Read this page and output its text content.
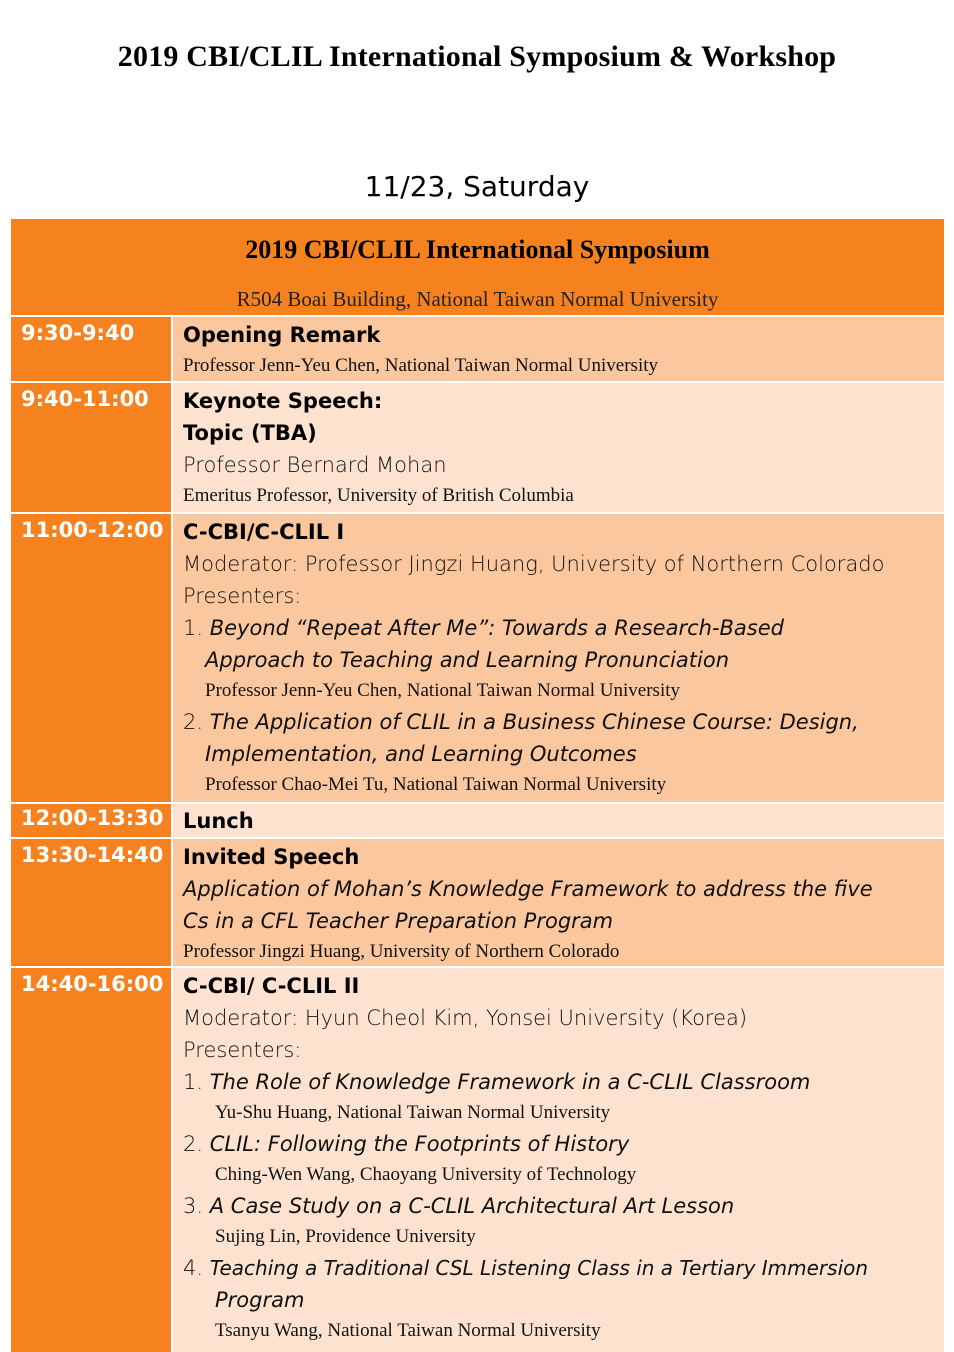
2019 CBI/CLIL International Symposium & Workshop
11/23, Saturday
2019 CBI/CLIL International Symposium
R504 Boai Building, National Taiwan Normal University
9:30-9:40	Opening Remark
Professor Jenn-Yeu Chen, National Taiwan Normal University
9:40-11:00	Keynote Speech:
Topic (TBA)
Professor Bernard Mohan
Emeritus Professor, University of British Columbia
11:00-12:00 C-CBI/C-CLIL I
Moderator: Professor Jingzi Huang, University of Northern Colorado
Presenters:
1. Beyond “Repeat After Me”: Towards a Research-Based
Approach to Teaching and Learning Pronunciation
Professor Jenn-Yeu Chen, National Taiwan Normal University
2. The Application of CLIL in a Business Chinese Course: Design,
Implementation, and Learning Outcomes
Professor Chao-Mei Tu, National Taiwan Normal University
12:00-13:30 Lunch
13:30-14:40 Invited Speech
Application of Mohan’s Knowledge Framework to address the five
Cs in a CFL Teacher Preparation Program
Professor Jingzi Huang, University of Northern Colorado
14:40-16:00 C-CBI/ C-CLIL II
Moderator: Hyun Cheol Kim, Yonsei University (Korea)
Presenters:
1. The Role of Knowledge Framework in a C-CLIL Classroom
Yu-Shu Huang, National Taiwan Normal University
2. CLIL: Following the Footprints of History
Ching-Wen Wang, Chaoyang University of Technology
3. A Case Study on a C-CLIL Architectural Art Lesson
Sujing Lin, Providence University
4. Teaching a Traditional CSL Listening Class in a Tertiary Immersion
Program
Tsanyu Wang, National Taiwan Normal University
